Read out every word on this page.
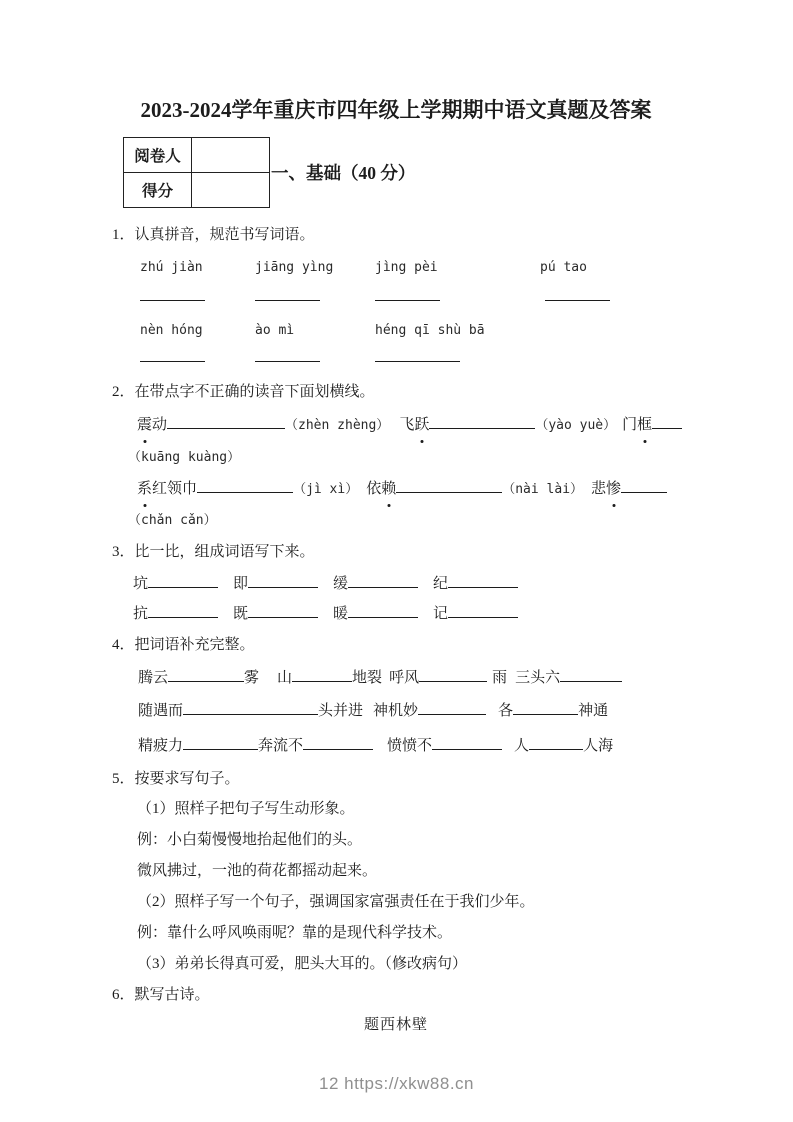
2023-2024学年重庆市四年级上学期期中语文真题及答案
阅卷人	
得分	
一、基础（40 分）
1．认真拼音，规范书写词语。
zhú jiàn	jiāng yìng	jìng pèi	pú tao
nèn hóng	ào mì	héng qī shù bā
2．在带点字不正确的读音下面划横线。
震动	（zhèn zhèng） 飞跃	（yào yuè） 门框
（kuāng kuàng）
系红领巾	（jì xì） 依赖	（nài lài） 悲惨
（chǎn cǎn）
3．比一比，组成词语写下来。
坑	即	缓	纪
抗	既	暖	记
4．把词语补充完整。
腾云	雾 山	地裂 呼风	雨 三头六
随遇而	头并进 神机妙	各	神通
精疲力	奔流不	愤愤不	人	人海
5．按要求写句子。
（1）照样子把句子写生动形象。
例：小白菊慢慢地抬起他们的头。
微风拂过，一池的荷花都摇动起来。
（2）照样子写一个句子，强调国家富强责任在于我们少年。
例：靠什么呼风唤雨呢？靠的是现代科学技术。
（3）弟弟长得真可爱，肥头大耳的。（修改病句）
6．默写古诗。
题西林壁
12 https://xkw88.cn
